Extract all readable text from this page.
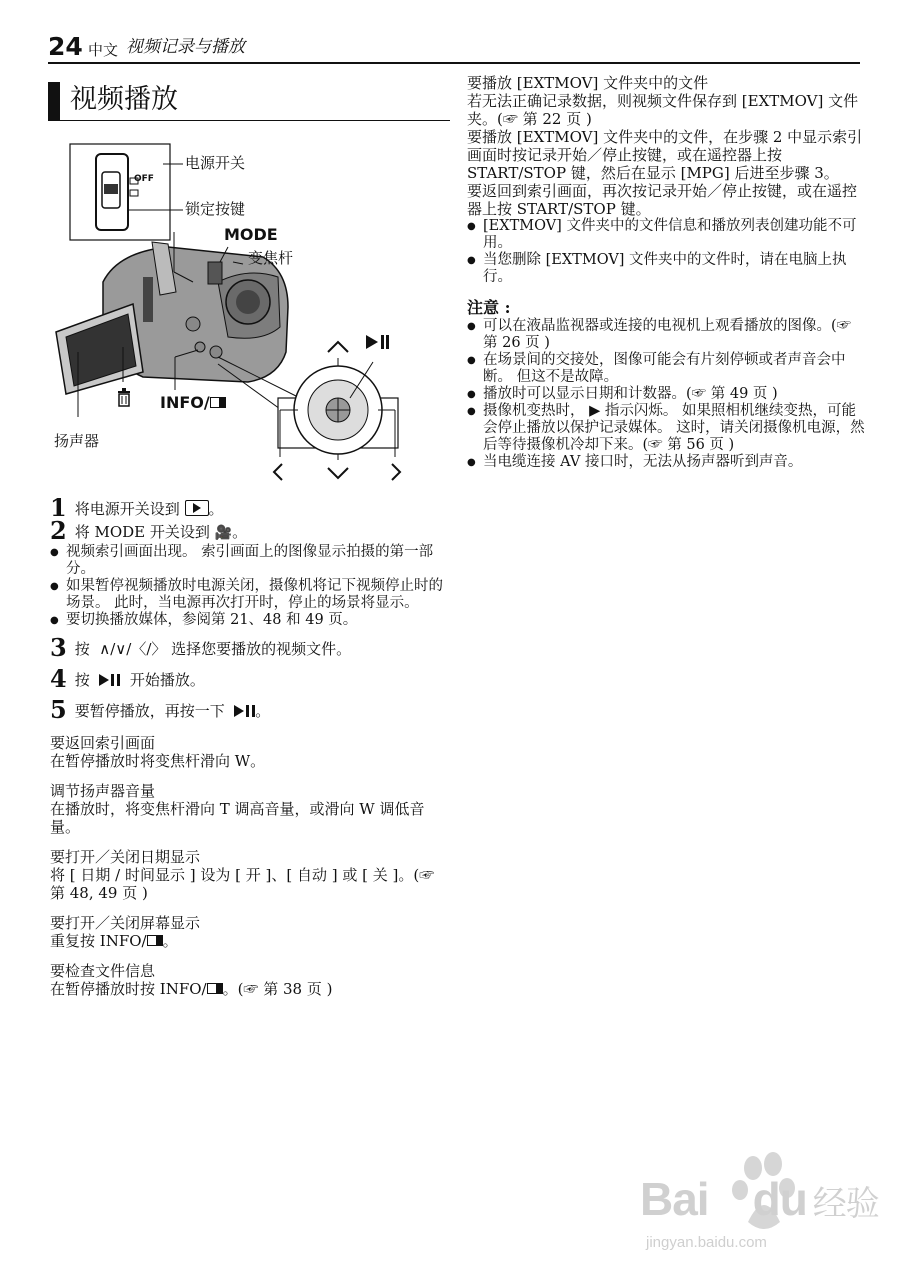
24 中文 视频记录与播放
视频播放
OFF
电源开关
锁定按键
MODE
变焦杆
INFO/
扬声器

1 将电源开关设到 。

2 将 MODE 开关设到 🎥。

● 视频索引画面出现。 索引画面上的图像显示拍摄的第一部分。

● 如果暂停视频播放时电源关闭，摄像机将记下视频停止时的场景。 此时，当电源再次打开时，停止的场景将显示。

● 要切换播放媒体，参阅第 21、48 和 49 页。

3 按 ∧/∨/〈/〉 选择您要播放的视频文件。

4 按	开始播放。

5 要暂停播放，再按一下 。

要返回索引画面

在暂停播放时将变焦杆滑向 W。

调节扬声器音量

在播放时，将变焦杆滑向 T 调高音量，或滑向 W 调低音量。

要打开／关闭日期显示

将 [ 日期 / 时间显示 ] 设为 [ 开 ]、[ 自动 ] 或 [ 关 ]。(☞ 第 48, 49 页 )

要打开／关闭屏幕显示

重复按 INFO/ 。

要检查文件信息

在暂停播放时按 INFO/ 。(☞ 第 38 页 )

要播放 [EXTMOV] 文件夹中的文件

若无法正确记录数据，则视频文件保存到 [EXTMOV] 文件夹。(☞ 第 22 页 )

要播放 [EXTMOV] 文件夹中的文件，在步骤 2 中显示索引画面时按记录开始／停止按键，或在遥控器上按 START/STOP 键，然后在显示 [MPG] 后进至步骤 3。

要返回到索引画面，再次按记录开始／停止按键，或在遥控器上按 START/STOP 键。

● [EXTMOV] 文件夹中的文件信息和播放列表创建功能不可用。

● 当您删除 [EXTMOV] 文件夹中的文件时，请在电脑上执行。

注意 :

● 可以在液晶监视器或连接的电视机上观看播放的图像。(☞ 第 26 页 )

● 在场景间的交接处，图像可能会有片刻停顿或者声音会中断。 但这不是故障。

● 播放时可以显示日期和计数器。(☞ 第 49 页 )

● 摄像机变热时， ▶ 指示闪烁。 如果照相机继续变热，可能会停止播放以保护记录媒体。 这时，请关闭摄像机电源，然后等待摄像机冷却下来。(☞ 第 56 页 )

● 当电缆连接 AV 接口时，无法从扬声器听到声音。

Bai du 经验
jingyan.baidu.com
